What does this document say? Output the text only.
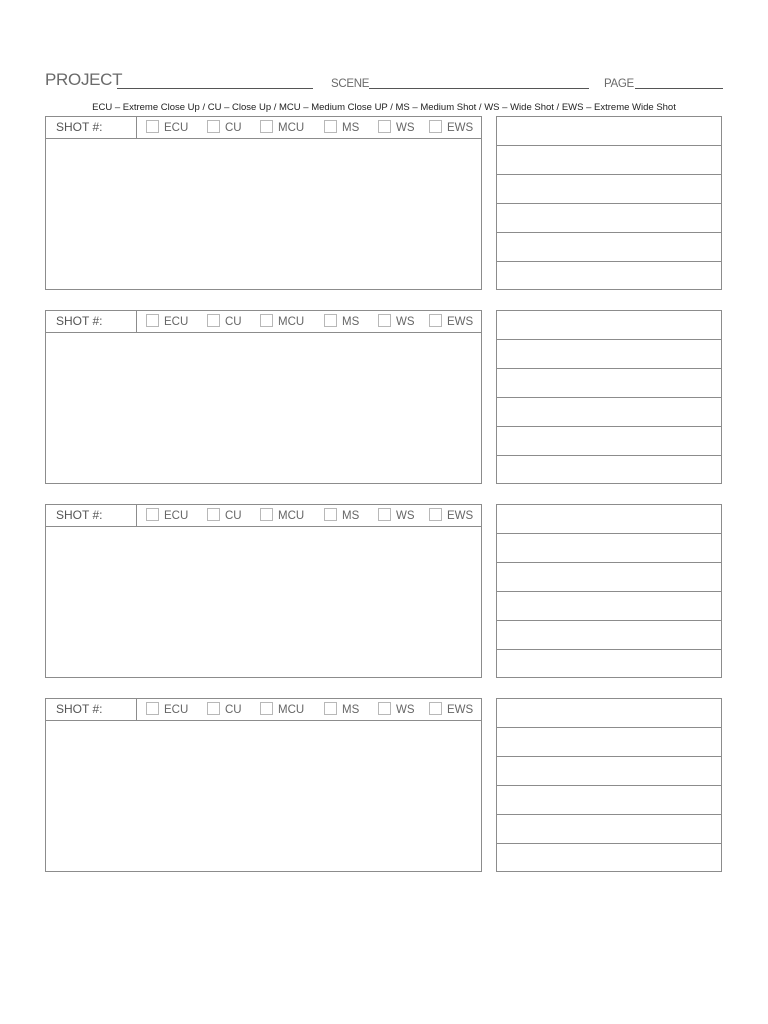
PROJECT	SCENE	PAGE
ECU – Extreme Close Up / CU – Close Up / MCU – Medium Close UP / MS – Medium Shot / WS – Wide Shot / EWS – Extreme Wide Shot
SHOT #:	ECU	CU	MCU	MS	WS	EWS
SHOT #:	ECU	CU	MCU	MS	WS	EWS
SHOT #:	ECU	CU	MCU	MS	WS	EWS
SHOT #:	ECU	CU	MCU	MS	WS	EWS
